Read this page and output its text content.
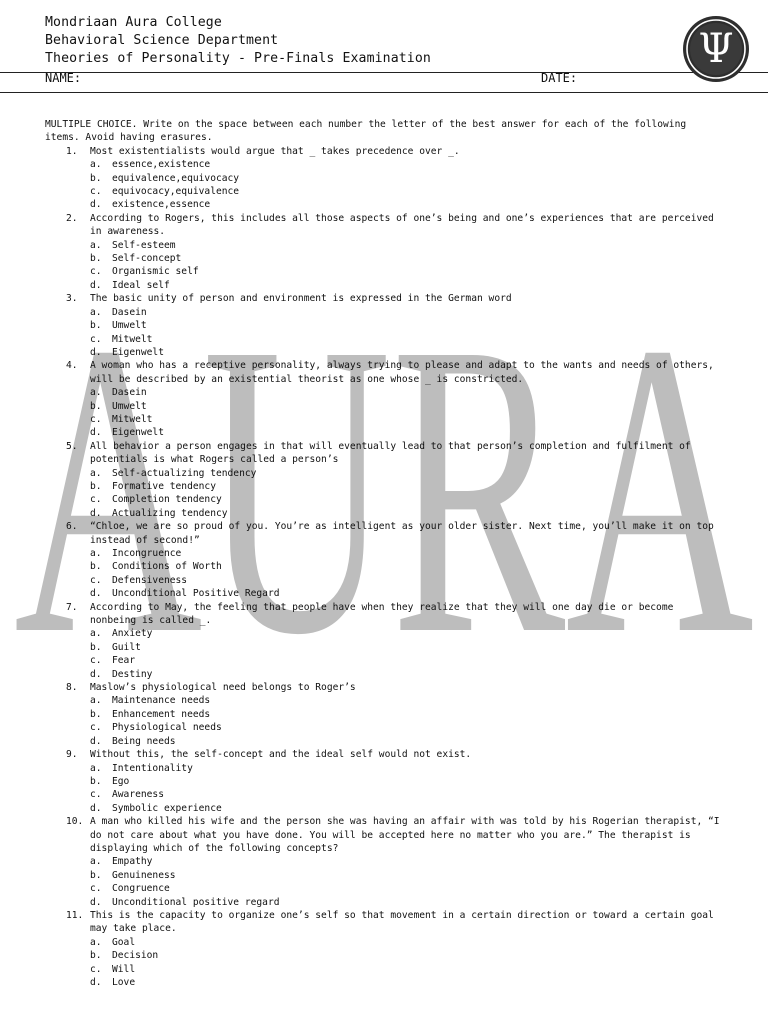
AURA
Mondriaan Aura College
Behavioral Science Department
Theories of Personality - Pre-Finals Examination
NAME:	DATE:
Ψ

MULTIPLE CHOICE. Write on the space between each number the letter of the best answer for each of the following items. Avoid having erasures.

1. Most existentialists would argue that _ takes precedence over _.

a. essence,existence
b. equivalence,equivocacy
c. equivocacy,equivalence
d. existence,essence
2. According to Rogers, this includes all those aspects of one’s being and one’s experiences that are perceived in awareness.

a. Self-esteem
b. Self-concept
c. Organismic self
d. Ideal self
3. The basic unity of person and environment is expressed in the German word

a. Dasein
b. Umwelt
c. Mitwelt
d. Eigenwelt
4. A woman who has a receptive personality, always trying to please and adapt to the wants and needs of others, will be described by an existential theorist as one whose _ is constricted.

a. Dasein
b. Umwelt
c. Mitwelt
d. Eigenwelt
5. All behavior a person engages in that will eventually lead to that person’s completion and fulfilment of potentials is what Rogers called a person’s

a. Self-actualizing tendency
b. Formative tendency
c. Completion tendency
d. Actualizing tendency
6. “Chloe, we are so proud of you. You’re as intelligent as your older sister. Next time, you’ll make it on top instead of second!”

a. Incongruence
b. Conditions of Worth
c. Defensiveness
d. Unconditional Positive Regard
7. According to May, the feeling that people have when they realize that they will one day die or become nonbeing is called _.

a. Anxiety
b. Guilt
c. Fear
d. Destiny
8. Maslow’s physiological need belongs to Roger’s

a. Maintenance needs
b. Enhancement needs
c. Physiological needs
d. Being needs
9. Without this, the self-concept and the ideal self would not exist.

a. Intentionality
b. Ego
c. Awareness
d. Symbolic experience
10. A man who killed his wife and the person she was having an affair with was told by his Rogerian therapist, “I do not care about what you have done. You will be accepted here no matter who you are.” The therapist is displaying which of the following concepts?

a. Empathy
b. Genuineness
c. Congruence
d. Unconditional positive regard
11. This is the capacity to organize one’s self so that movement in a certain direction or toward a certain goal may take place.

a. Goal
b. Decision
c. Will
d. Love
